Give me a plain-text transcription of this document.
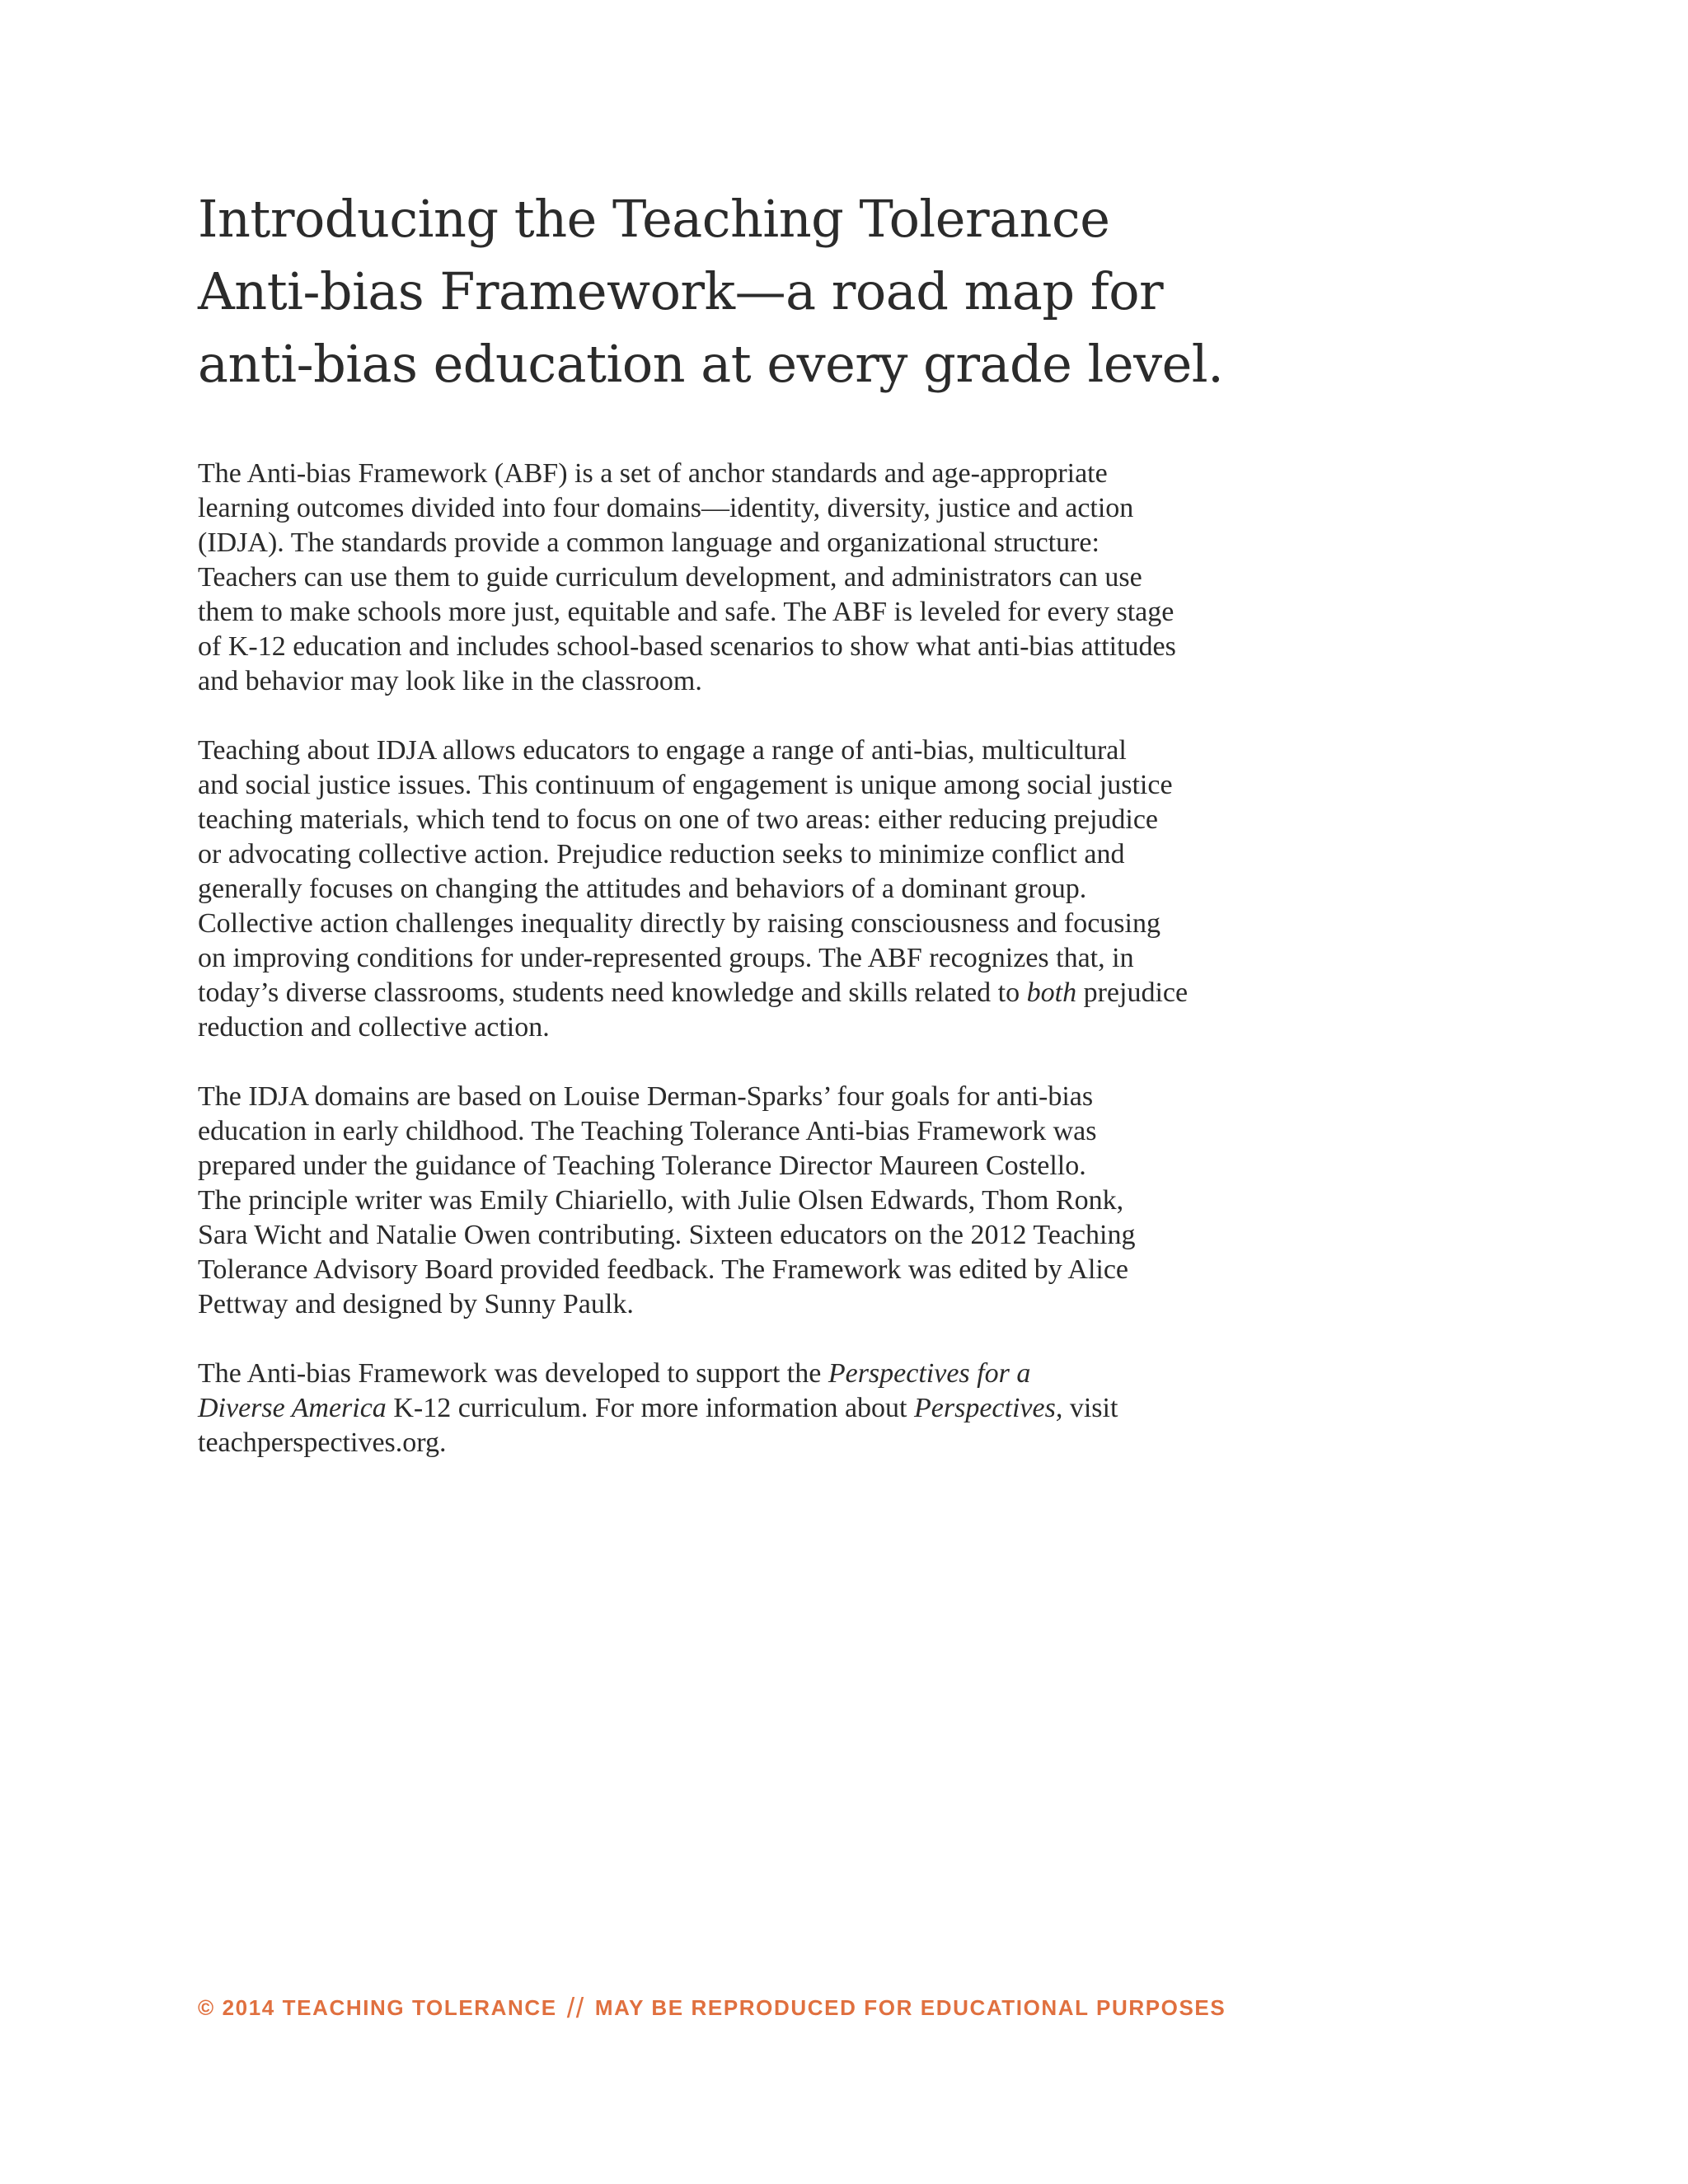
Introducing the Teaching Tolerance
Anti-bias Framework—a road map for
anti-bias education at every grade level.

The Anti-bias Framework (ABF) is a set of anchor standards and age-appropriate
learning outcomes divided into four domains—identity, diversity, justice and action
(IDJA). The standards provide a common language and organizational structure:
Teachers can use them to guide curriculum development, and administrators can use
them to make schools more just, equitable and safe. The ABF is leveled for every stage
of K-12 education and includes school-based scenarios to show what anti-bias attitudes
and behavior may look like in the classroom.

Teaching about IDJA allows educators to engage a range of anti-bias, multicultural
and social justice issues. This continuum of engagement is unique among social justice
teaching materials, which tend to focus on one of two areas: either reducing prejudice
or advocating collective action. Prejudice reduction seeks to minimize conflict and
generally focuses on changing the attitudes and behaviors of a dominant group.
Collective action challenges inequality directly by raising consciousness and focusing
on improving conditions for under-represented groups. The ABF recognizes that, in
today’s diverse classrooms, students need knowledge and skills related to both prejudice
reduction and collective action.

The IDJA domains are based on Louise Derman-Sparks’ four goals for anti-bias
education in early childhood. The Teaching Tolerance Anti-bias Framework was
prepared under the guidance of Teaching Tolerance Director Maureen Costello.
The principle writer was Emily Chiariello, with Julie Olsen Edwards, Thom Ronk,
Sara Wicht and Natalie Owen contributing. Sixteen educators on the 2012 Teaching
Tolerance Advisory Board provided feedback. The Framework was edited by Alice
Pettway and designed by Sunny Paulk.

The Anti-bias Framework was developed to support the Perspectives for a
Diverse America K-12 curriculum. For more information about Perspectives, visit
teachperspectives.org.

© 2014 TEACHING TOLERANCE // MAY BE REPRODUCED FOR EDUCATIONAL PURPOSES
